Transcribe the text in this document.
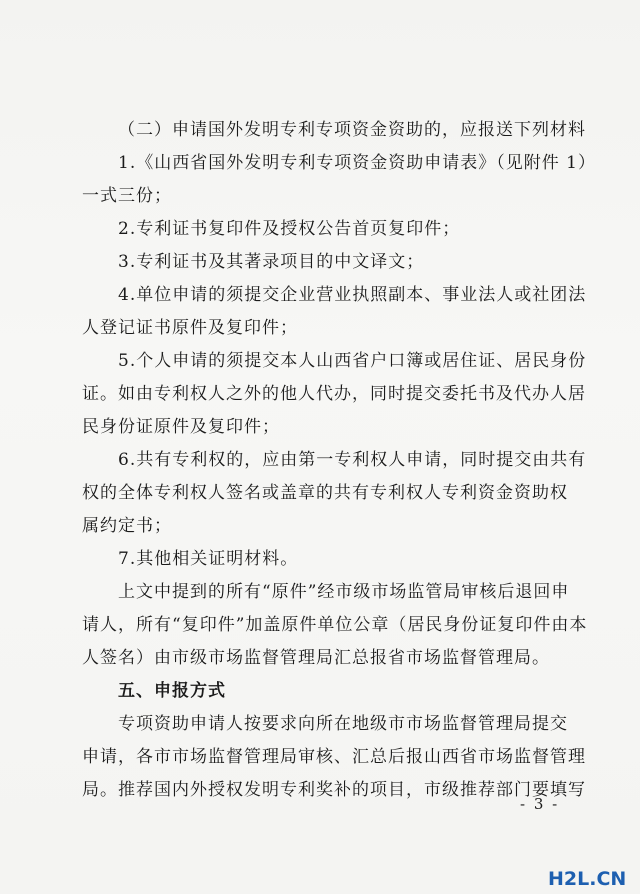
（二）申请国外发明专利专项资金资助的，应报送下列材料
1.《山西省国外发明专利专项资金资助申请表》（见附件 1）
一式三份；
2.专利证书复印件及授权公告首页复印件；
3.专利证书及其著录项目的中文译文；
4.单位申请的须提交企业营业执照副本、事业法人或社团法
人登记证书原件及复印件；
5.个人申请的须提交本人山西省户口簿或居住证、居民身份
证。如由专利权人之外的他人代办，同时提交委托书及代办人居
民身份证原件及复印件；
6.共有专利权的，应由第一专利权人申请，同时提交由共有
权的全体专利权人签名或盖章的共有专利权人专利资金资助权
属约定书；
7.其他相关证明材料。
上文中提到的所有“原件”经市级市场监管局审核后退回申
请人，所有“复印件”加盖原件单位公章（居民身份证复印件由本
人签名）由市级市场监督管理局汇总报省市场监督管理局。
五、申报方式
专项资助申请人按要求向所在地级市市场监督管理局提交
申请，各市市场监督管理局审核、汇总后报山西省市场监督管理
局。推荐国内外授权发明专利奖补的项目，市级推荐部门要填写
- 3 -
H2L.CN
